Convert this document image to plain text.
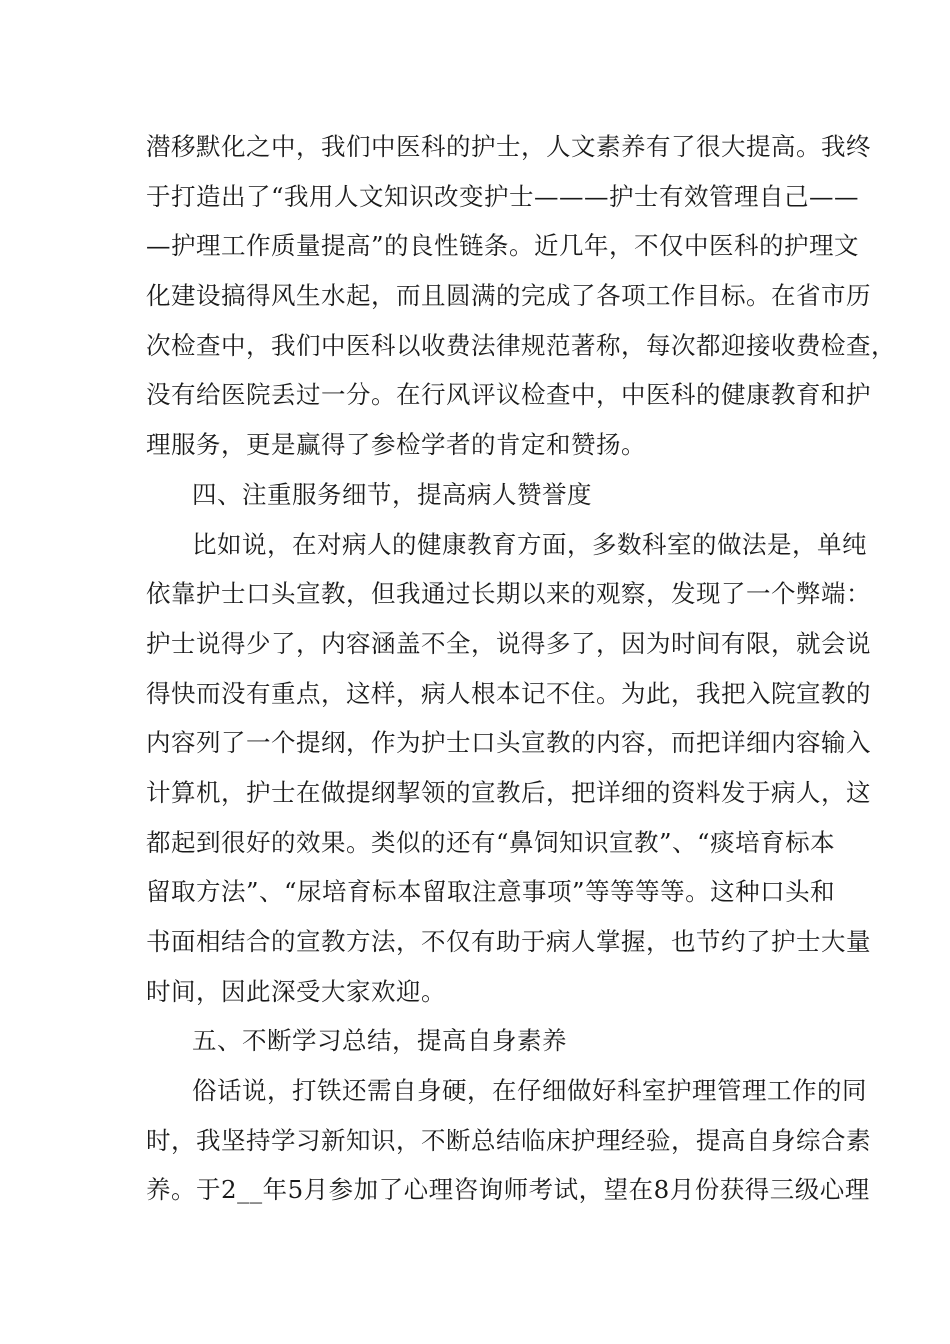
潜移默化之中，我们中医科的护士，人文素养有了很大提高。我终
于打造出了“我用人文知识改变护士———护士有效管理自己——
—护理工作质量提高”的良性链条。近几年，不仅中医科的护理文
化建设搞得风生水起，而且圆满的完成了各项工作目标。在省市历
次检查中，我们中医科以收费法律规范著称，每次都迎接收费检查，
没有给医院丢过一分。在行风评议检查中，中医科的健康教育和护
理服务，更是赢得了参检学者的肯定和赞扬。
四、注重服务细节，提高病人赞誉度
比如说，在对病人的健康教育方面，多数科室的做法是，单纯
依靠护士口头宣教，但我通过长期以来的观察，发现了一个弊端：
护士说得少了，内容涵盖不全，说得多了，因为时间有限，就会说
得快而没有重点，这样，病人根本记不住。为此，我把入院宣教的
内容列了一个提纲，作为护士口头宣教的内容，而把详细内容输入
计算机，护士在做提纲挈领的宣教后，把详细的资料发于病人，这
都起到很好的效果。类似的还有“鼻饲知识宣教”、“痰培育标本
留取方法”、“尿培育标本留取注意事项”等等等等。这种口头和
书面相结合的宣教方法，不仅有助于病人掌握，也节约了护士大量
时间，因此深受大家欢迎。
五、不断学习总结，提高自身素养
俗话说，打铁还需自身硬，在仔细做好科室护理管理工作的同
时，我坚持学习新知识，不断总结临床护理经验，提高自身综合素
养。于2__年5月参加了心理咨询师考试，望在8月份获得三级心理
